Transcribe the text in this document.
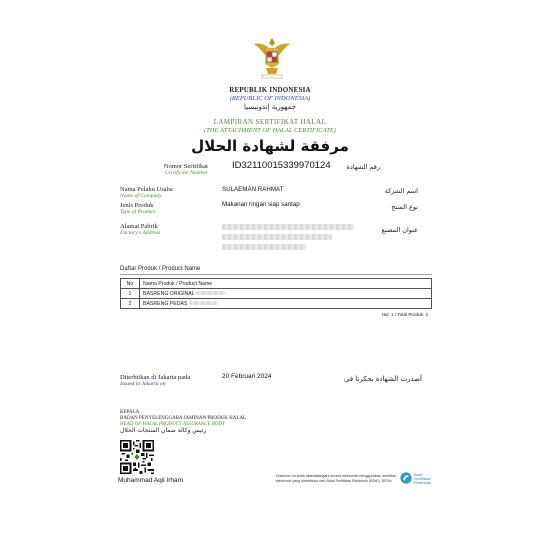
REPUBLIK INDONESIA
(REPUBLIC OF INDONESIA)
جمهورية إندونيسيا
LAMPIRAN SERTIFIKAT HALAL
(THE ATTACHMENT OF HALAL CERTIFICATE)
مرفقة لشهادة الحلال
Nomor Sertifikat
Certificate Number
ID32110015339970124	رقم الشهادة
Nama Pelaku Usaha
Name of Company
SULAEMAN RAHMAT	اسم الشركة
Jenis Produk
Type of Product
Makanan ringan siap santap	نوع المنتج
Alamat Pabrik
Factory's Address	عنوان المصنع
Daftar Produk / Product Name
No	Nama Produk / Product Name
1	BASRENG ORIGINAL
2	BASRENG PEDAS
Hal: 1 / Total Produk: 2
Diterbitkan di Jakarta pada
Issued in Jakarta on
20 Februari 2024	أصدرت الشهادة بجكرتا في
KEPALA
BADAN PENYELENGGARA JAMINAN PRODUK HALAL
HEAD OF HALAL PRODUCT ASSURANCE BODY
رئيس وكالة ضمان المنتجات الحلال
Muhammad Aqil Irham
Dokumen ini telah ditandatangani secara elektronik menggunakan sertifikat elektronik yang diterbitkan oleh Balai Sertifikasi Elektronik (BSrE), BSSN
Balai
Sertifikasi
Elektronik
